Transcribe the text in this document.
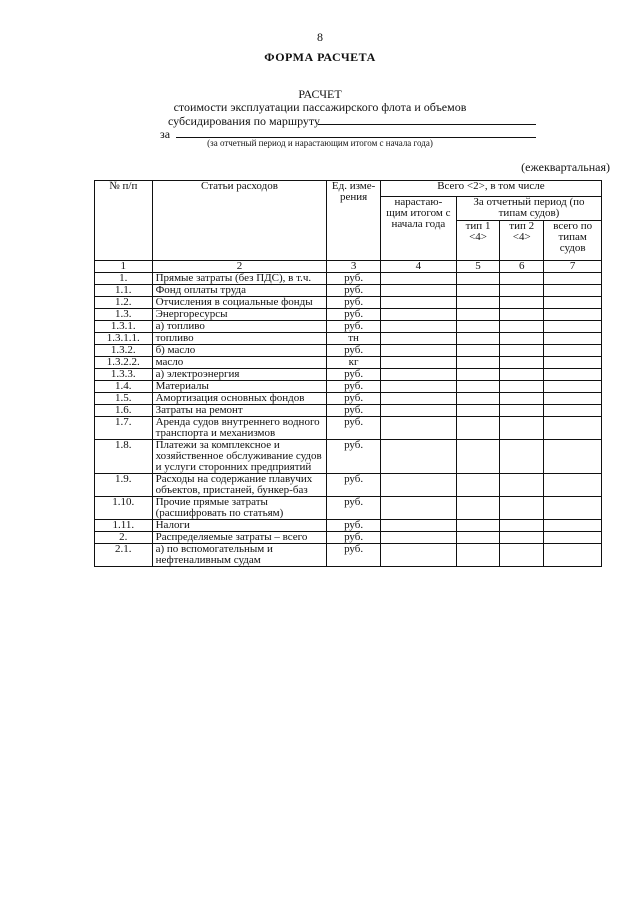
8
ФОРМА РАСЧЕТА
РАСЧЕТ
стоимости эксплуатации пассажирского флота и объемов
субсидирования по маршруту
за
(за отчетный период и нарастающим итогом с начала года)
(ежеквартальная)
№ п/п	Статьи расходов	Ед. изме- рения	Всего <2>, в том числе			
			нарастаю- щим итогом с начала года	За отчетный период (по типам судов)		
				тип 1 <4>	тип 2 <4>	всего по типам судов
1	2	3	4	5	6	7
1.	Прямые затраты (без ПДС), в т.ч.	руб.				
1.1.	Фонд оплаты труда	руб.				
1.2.	Отчисления в социальные фонды	руб.				
1.3.	Энергоресурсы	руб.				
1.3.1.	а) топливо	руб.				
1.3.1.1.	топливо	тн				
1.3.2.	б) масло	руб.				
1.3.2.2.	масло	кг				
1.3.3.	а) электроэнергия	руб.				
1.4.	Материалы	руб.				
1.5.	Амортизация основных фондов	руб.				
1.6.	Затраты на ремонт	руб.				
1.7.	Аренда судов внутреннего водного транспорта и механизмов	руб.				
1.8.	Платежи за комплексное и хозяйственное обслуживание судов и услуги сторонних предприятий	руб.				
1.9.	Расходы на содержание плавучих объектов, пристаней, бункер-баз	руб.				
1.10.	Прочие прямые затраты (расшифровать по статьям)	руб.				
1.11.	Налоги	руб.				
2.	Распределяемые затраты – всего	руб.				
2.1.	а) по вспомогательным и нефтеналивным судам	руб.				
